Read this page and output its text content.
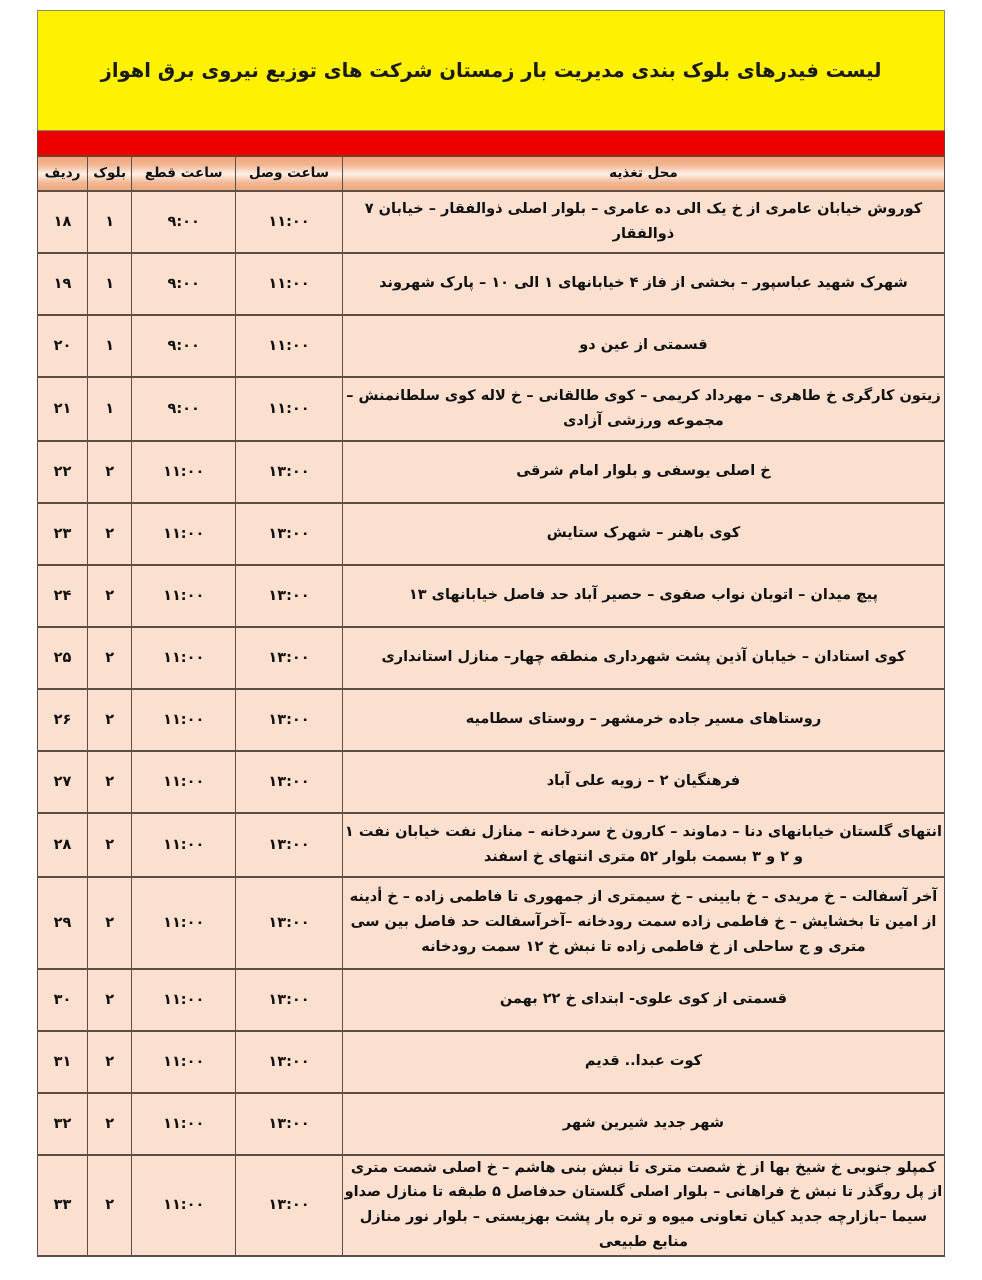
لیست فیدرهای بلوک بندی مدیریت بار زمستان شرکت های توزیع نیروی برق اهواز
محل تغذیه	ساعت وصل	ساعت قطع	بلوک	ردیف
کوروش خیابان عامری از خ یک الی ده عامری – بلوار اصلی ذوالفقار – خیابان ۷ ذوالفقار	۱۱:۰۰	۹:۰۰	۱	۱۸
شهرک شهید عباسپور – بخشی از فاز ۴ خیابانهای ۱ الی ۱۰ – پارک شهروند	۱۱:۰۰	۹:۰۰	۱	۱۹
قسمتی از عین دو	۱۱:۰۰	۹:۰۰	۱	۲۰
زیتون کارگری خ طاهری – مهرداد کریمی – کوی طالقانی – خ لاله کوی سلطانمنش – مجموعه ورزشی آزادی	۱۱:۰۰	۹:۰۰	۱	۲۱
خ اصلی یوسفی و بلوار امام شرقی	۱۳:۰۰	۱۱:۰۰	۲	۲۲
کوی باهنر – شهرک ستایش	۱۳:۰۰	۱۱:۰۰	۲	۲۳
پیچ میدان – اتوبان نواب صفوی – حصیر آباد حد فاصل خیابانهای ۱۳	۱۳:۰۰	۱۱:۰۰	۲	۲۴
کوی استادان – خیابان آذین پشت شهرداری منطقه چهار– منازل استانداری	۱۳:۰۰	۱۱:۰۰	۲	۲۵
روستاهای مسیر جاده خرمشهر – روستای سطامیه	۱۳:۰۰	۱۱:۰۰	۲	۲۶
فرهنگیان ۲ – زویه علی آباد	۱۳:۰۰	۱۱:۰۰	۲	۲۷
انتهای گلستان خیابانهای دنا – دماوند – کارون خ سردخانه – منازل نفت خیابان نفت ۱ و ۲ و ۳ بسمت بلوار ۵۲ متری انتهای خ اسفند	۱۳:۰۰	۱۱:۰۰	۲	۲۸
آخر آسفالت – خ مریدی – خ بایینی – خ سیمتری از جمهوری تا فاطمی زاده – خ أدینه از امین تا بخشایش – خ فاطمی زاده سمت رودخانه –آخرآسفالت حد فاصل بین سی متری و ج ساحلی از خ فاطمی زاده تا نبش خ ۱۲ سمت رودخانه	۱۳:۰۰	۱۱:۰۰	۲	۲۹
قسمتی از کوی علوی- ابتدای خ ۲۲ بهمن	۱۳:۰۰	۱۱:۰۰	۲	۳۰
کوت عبدا.. قدیم	۱۳:۰۰	۱۱:۰۰	۲	۳۱
شهر جدید شیرین شهر	۱۳:۰۰	۱۱:۰۰	۲	۳۲
کمپلو جنوبی خ شیخ بها از خ شصت متری تا نبش بنی هاشم – خ اصلی شصت متری از پل روگذر تا نبش خ فراهانی – بلوار اصلی گلستان حدفاصل ۵ طبقه تا منازل صداو سیما –بازارچه جدید کیان تعاونی میوه و تره بار پشت بهزیستی – بلوار نور منازل منابع طبیعی	۱۳:۰۰	۱۱:۰۰	۲	۳۳
